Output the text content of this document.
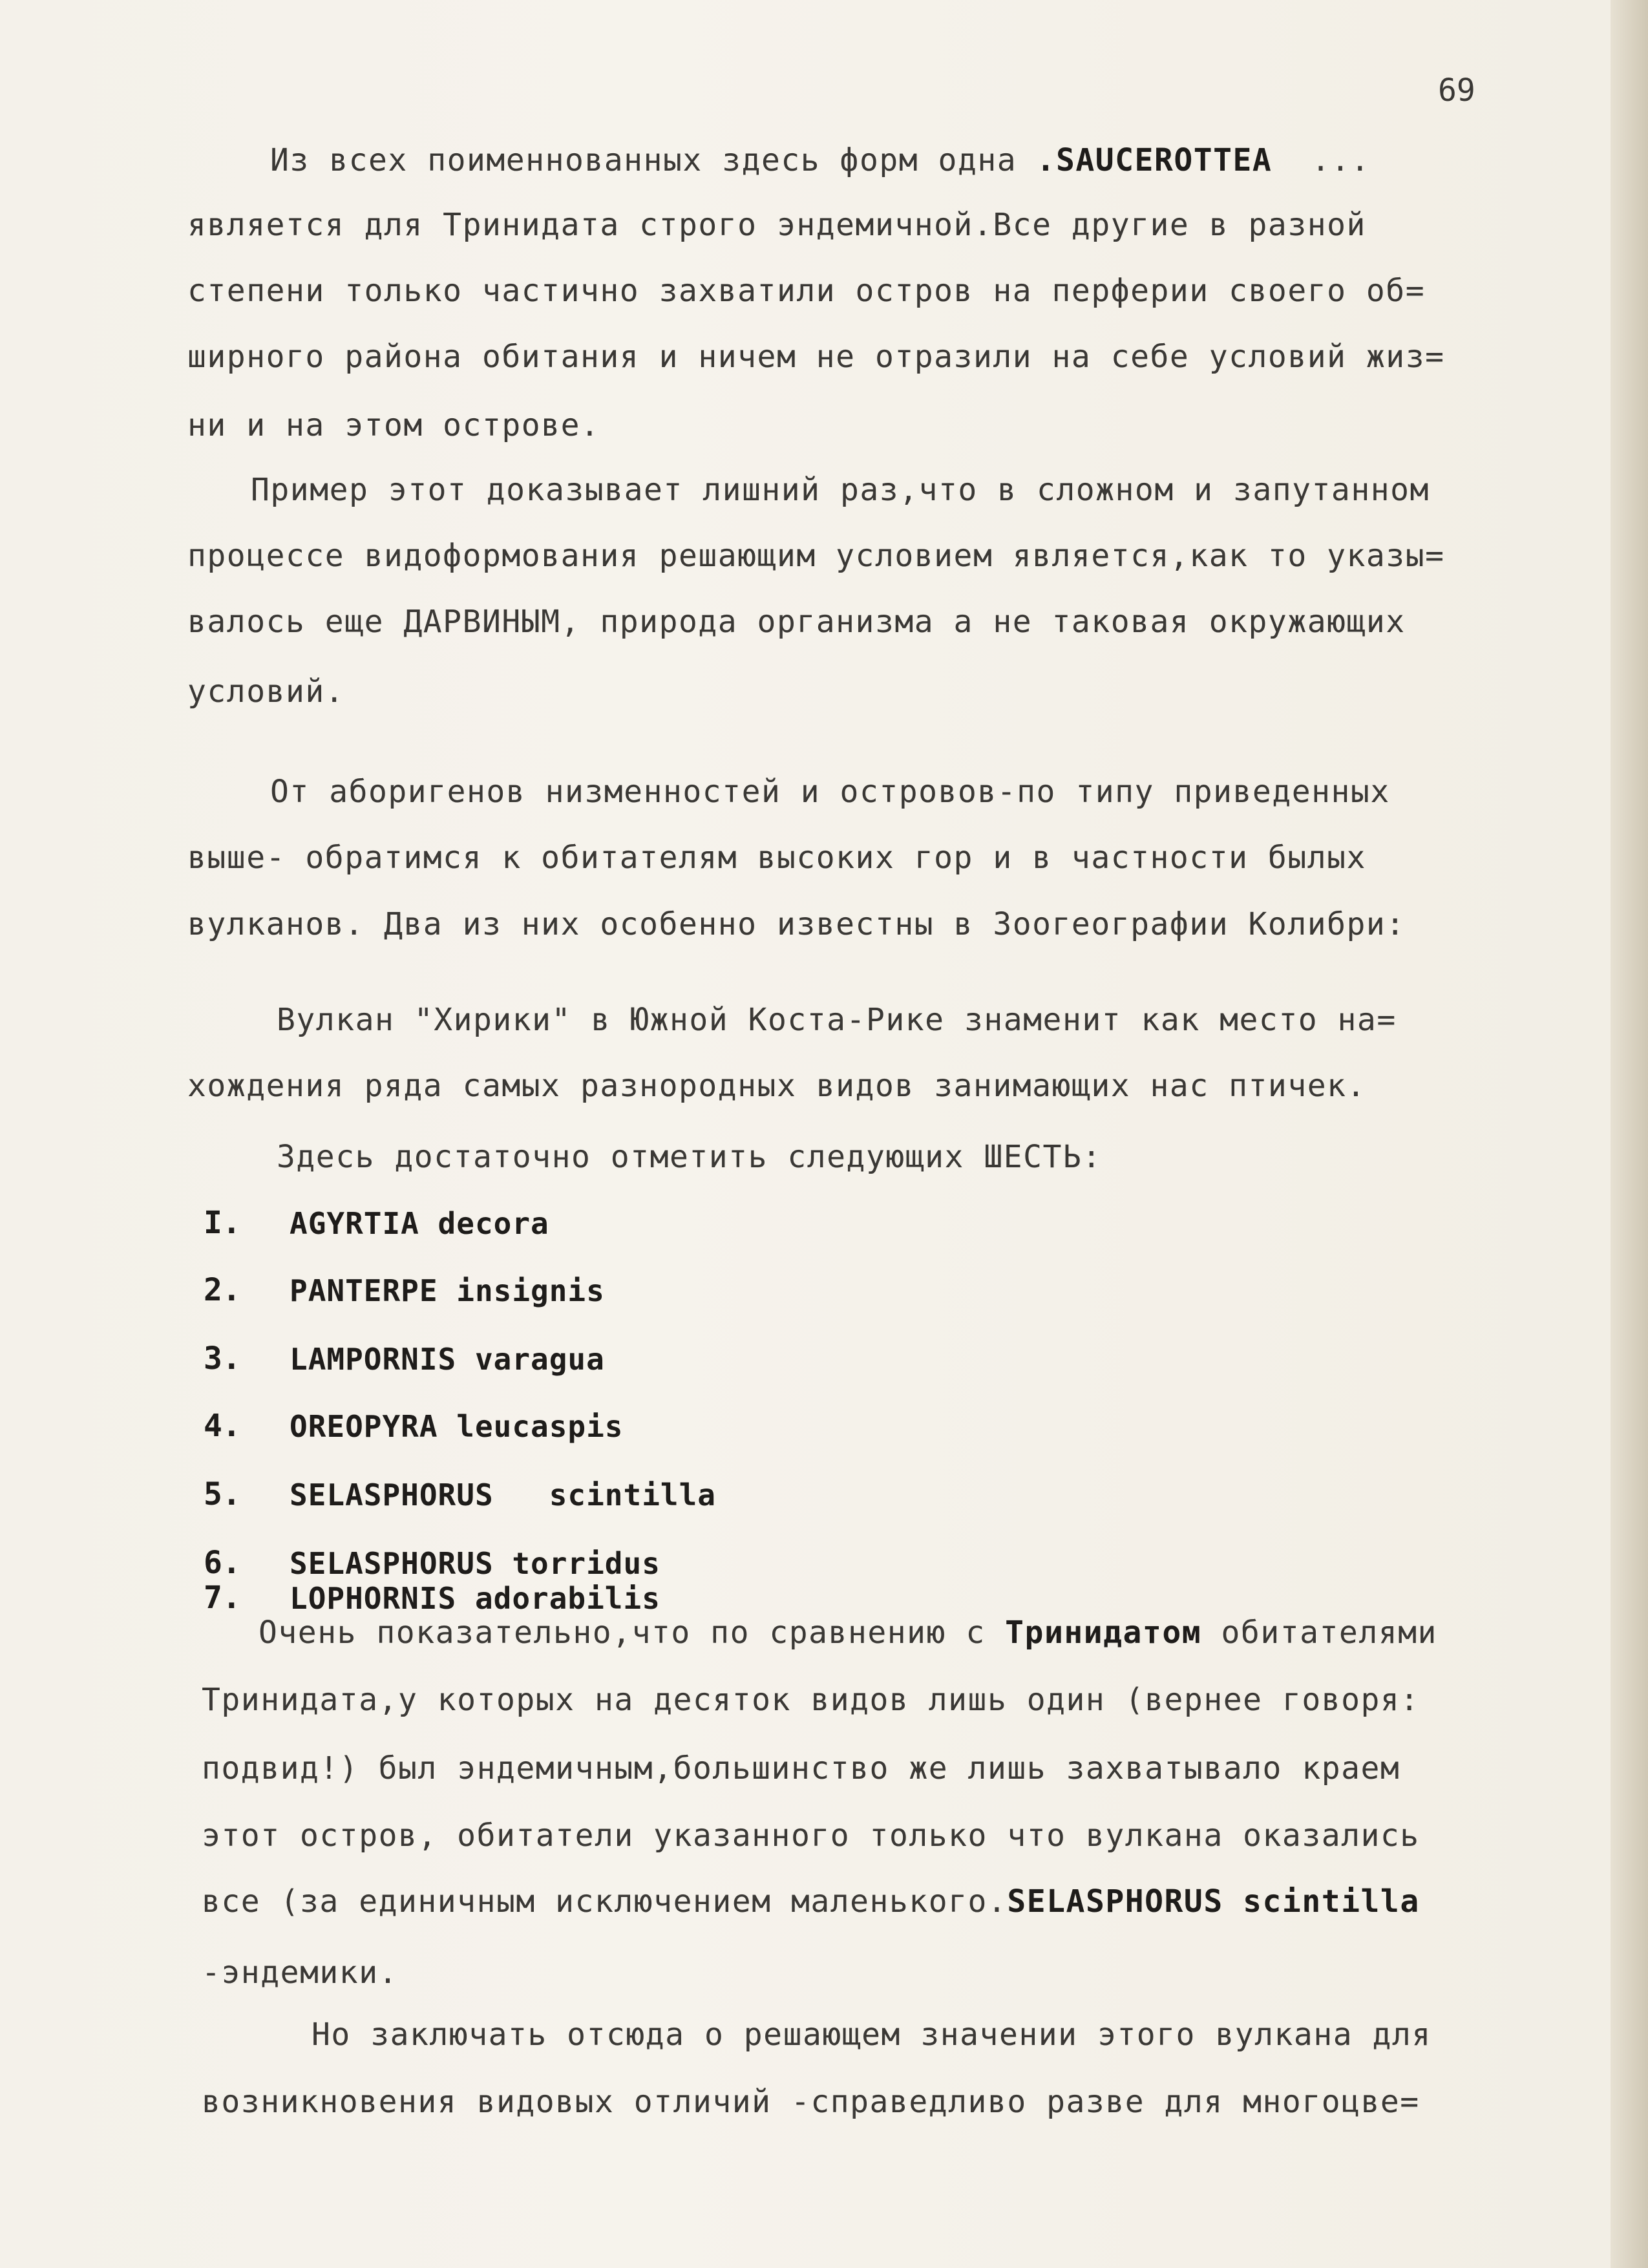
69
Из всех поименнованных здесь форм одна .SAUCEROTTEA  ...
является для Тринидата строго эндемичной.Все другие в разной
степени только частично захватили остров на перферии своего об=
ширного района обитания и ничем не отразили на себе условий жиз=
ни и на этом острове.
Пример этот доказывает лишний раз,что в сложном и запутанном
процессе видоформования решающим условием является,как то указы=
валось еще ДАРВИНЫМ, природа организма а не таковая окружающих
условий.
От аборигенов низменностей и островов-по типу приведенных
выше- обратимся к обитателям высоких гор и в частности былых
вулканов. Два из них особенно известны в Зоогеографии Колибри:
Вулкан "Хирики" в Южной Коста-Рике знаменит как место на=
хождения ряда самых разнородных видов занимающих нас птичек.
Здесь достаточно отметить следующих ШЕСТЬ:
I. AGYRTIA decora
2. PANTERPE insignis
3. LAMPORNIS varagua
4. OREOPYRA leucaspis
5. SELASPHORUS   scintilla
6. SELASPHORUS torridus
7. LOPHORNIS adorabilis
Очень показательно,что по сравнению с Тринидатом обитателями
Тринидата,у которых на десяток видов лишь один (вернее говоря:
подвид!) был эндемичным,большинство же лишь захватывало краем
этот остров, обитатели указанного только что вулкана оказались
все (за единичным исключением маленького.SELASPHORUS scintilla
-эндемики.
Но заключать отсюда о решающем значении этого вулкана для
возникновения видовых отличий -справедливо разве для многоцве=
